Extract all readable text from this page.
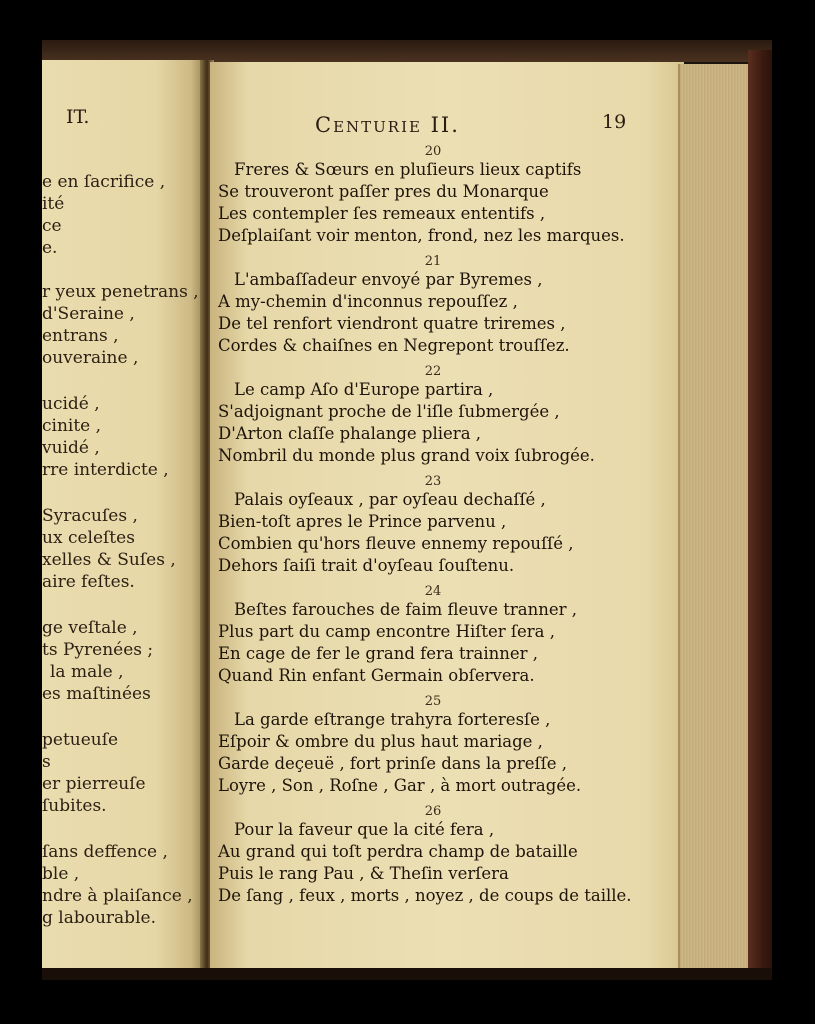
IT.
e en ſacrifice ,
ité
ce
e.
r yeux penetrans ,
d'Seraine ,
entrans ,
ouveraine ,
ucidé ,
cinite ,
vuidé ,
rre interdicte ,
Syracuſes ,
ux celeſtes
xelles & Suſes ,
aire feſtes.
ge veſtale ,
ts Pyrenées ;
la male ,
es maſtinées
petueuſe
s
er pierreuſe
ſubites.
ſans deffence ,
ble ,
ndre à plaiſance ,
g labourable.
Centurie II.	19
20
Freres & Sœurs en pluſieurs lieux captifs
Se trouveront paſſer pres du Monarque
Les contempler ſes remeaux ententifs ,
Deſplaiſant voir menton, frond, nez les marques.
21
L'ambaſſadeur envoyé par Byremes ,
A my-chemin d'inconnus repouſſez ,
De tel renfort viendront quatre triremes ,
Cordes & chaiſnes en Negrepont trouſſez.
22
Le camp Aſo d'Europe partira ,
S'adjoignant proche de l'iſle ſubmergée ,
D'Arton claſſe phalange pliera ,
Nombril du monde plus grand voix ſubrogée.
23
Palais oyſeaux , par oyſeau dechaſſé ,
Bien-toſt apres le Prince parvenu ,
Combien qu'hors fleuve ennemy repouſſé ,
Dehors ſaiſi trait d'oyſeau ſouſtenu.
24
Beſtes farouches de faim fleuve tranner ,
Plus part du camp encontre Hiſter ſera ,
En cage de fer le grand fera trainner ,
Quand Rin enfant Germain obſervera.
25
La garde eſtrange trahyra forteresſe ,
Eſpoir & ombre du plus haut mariage ,
Garde deçeuë , fort prinſe dans la preſſe ,
Loyre , Son , Roſne , Gar , à mort outragée.
26
Pour la faveur que la cité fera ,
Au grand qui toſt perdra champ de bataille
Puis le rang Pau , & Theſin verſera
De ſang , feux , morts , noyez , de coups de taille.
